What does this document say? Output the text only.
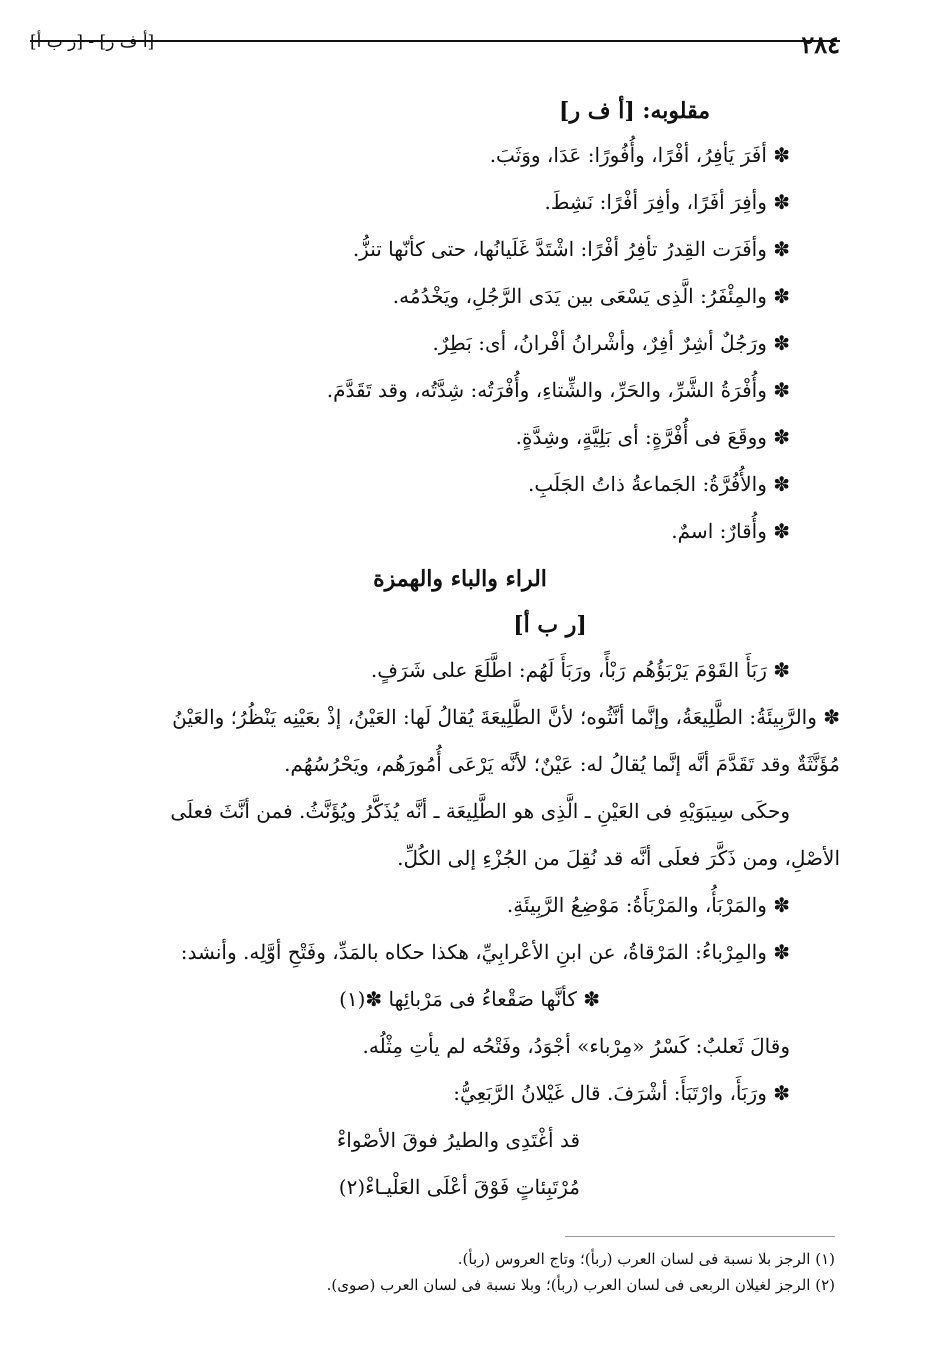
٢٨٤
[أ ف ر] - [ر ب أ]
مقلوبه: [أ ف ر]
✽ أفَرَ يَأفِرُ، أفْرًا، وأُفُورًا: عَدَا، ووَثَبَ.
✽ وأفِرَ أفَرًا، وأفِرَ أفْرًا: نَشِطَ.
✽ وأفَرَت القِدرُ تأفِرُ أفْرًا: اشْتَدَّ غَلَيانُها، حتى كأنّها تنزُّ.
✽ والمِئْفَرُ: الَّذِى يَسْعَى بين يَدَى الرَّجُلِ، ويَخْدُمُه.
✽ ورَجُلٌ أشِرٌ أفِرٌ، وأشْرانُ أفْرانُ، أى: بَطِرٌ.
✽ وأُفْرَةُ الشَّرِّ، والحَرِّ، والشِّتاءِ، وأُفْرَتُه: شِدَّتُه، وقد تَقَدَّمَ.
✽ ووقَعَ فى أُفْرَّةٍ: أى بَلِيَّةٍ، وشِدَّةٍ.
✽ والأُفُرَّةُ: الجَماعةُ ذاتُ الجَلَبِ.
✽ وأُقارٌ: اسمٌ.
الراء والباء والهمزة
[ر ب أ]
✽ رَبَأَ القَوْمَ يَرْبَؤُهُم رَبْأً، ورَبَأَ لَهُم: اطَّلَعَ على شَرَفٍ.
✽ والرَّبِيئَةُ: الطَّلِيعَةُ، وإنَّما أنَّثُوه؛ لأنَّ الطَّلِيعَةَ يُقالُ لَها: العَيْنُ، إذْ بعَيْنِه يَنْظُرُ؛ والعَيْنُ
مُؤَنَّثَةٌ وقد تَقَدَّمَ أنَّه إنَّما يُقالُ له: عَيْنٌ؛ لأنَّه يَرْعَى أُمُورَهُم، ويَحْرُسُهُم.
وحكَى سِيبَوَيْهِ فى العَيْنِ ـ الَّذِى هو الطَّلِيعَة ـ أنَّه يُذَكَّرُ ويُؤَنَّثُ. فمن أنَّثَ فعلَى
الأصْلِ، ومن ذَكَّرَ فعلَى أنَّه قد نُقِلَ من الجُزْءِ إلى الكُلِّ.
✽ والمَرْبَأُ، والمَرْبَأَةُ: مَوْضِعُ الرَّبِيئَةِ.
✽ والمِرْباءُ: المَرْقاةُ، عن ابنِ الأعْرابِيِّ، هكذا حكاه بالمَدِّ، وفَتْحِ أوَّلِه. وأنشد:
✽ كأنَّها صَقْعاءُ فى مَرْبائِها ✽(١)
وقالَ ثَعلبٌ: كَسْرُ «مِرْباء» أجْوَدُ، وفَتْحُه لم يأتِ مِثْلُه.
✽ ورَبَأَ، وارْتَبَأَ: أشْرَفَ. قال غَيْلانُ الرَّبَعِيُّ:
قد أغْتَدِى والطيرُ فوقَ الأصْواءْ
مُرْتَبِئاتٍ فَوْقَ أعْلَى العَلْيـاءْ(٢)
(١) الرجز بلا نسبة فى لسان العرب (ربأ)؛ وتاج العروس (ربأ).
(٢) الرجز لغيلان الربعى فى لسان العرب (ربأ)؛ وبلا نسبة فى لسان العرب (صوى).
